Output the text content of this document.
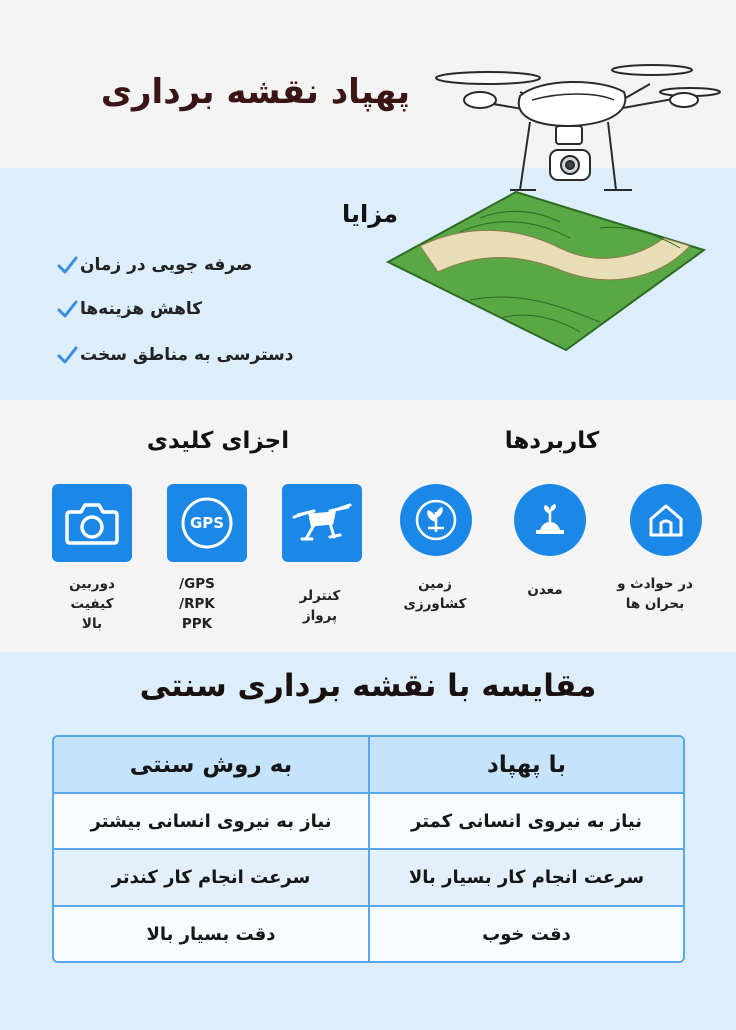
پهپاد نقشه برداری
مزایا
صرفه جویی در زمان
کاهش هزینه‌ها
دسترسی به مناطق سخت
اجزای کلیدی	کاربردها
GPS
دوربین
کیفیت
بالا
GPS/
RPK/
PPK
کنترلر
پرواز
زمین
کشاورزی
معدن	در حوادث و
بحران ها
مقایسه با نقشه برداری سنتی
به روش سنتی	با پهپاد
نیاز به نیروی انسانی بیشتر	نیاز به نیروی انسانی کمتر
سرعت انجام کار کندتر	سرعت انجام کار بسیار بالا
دقت بسیار بالا	دقت خوب
